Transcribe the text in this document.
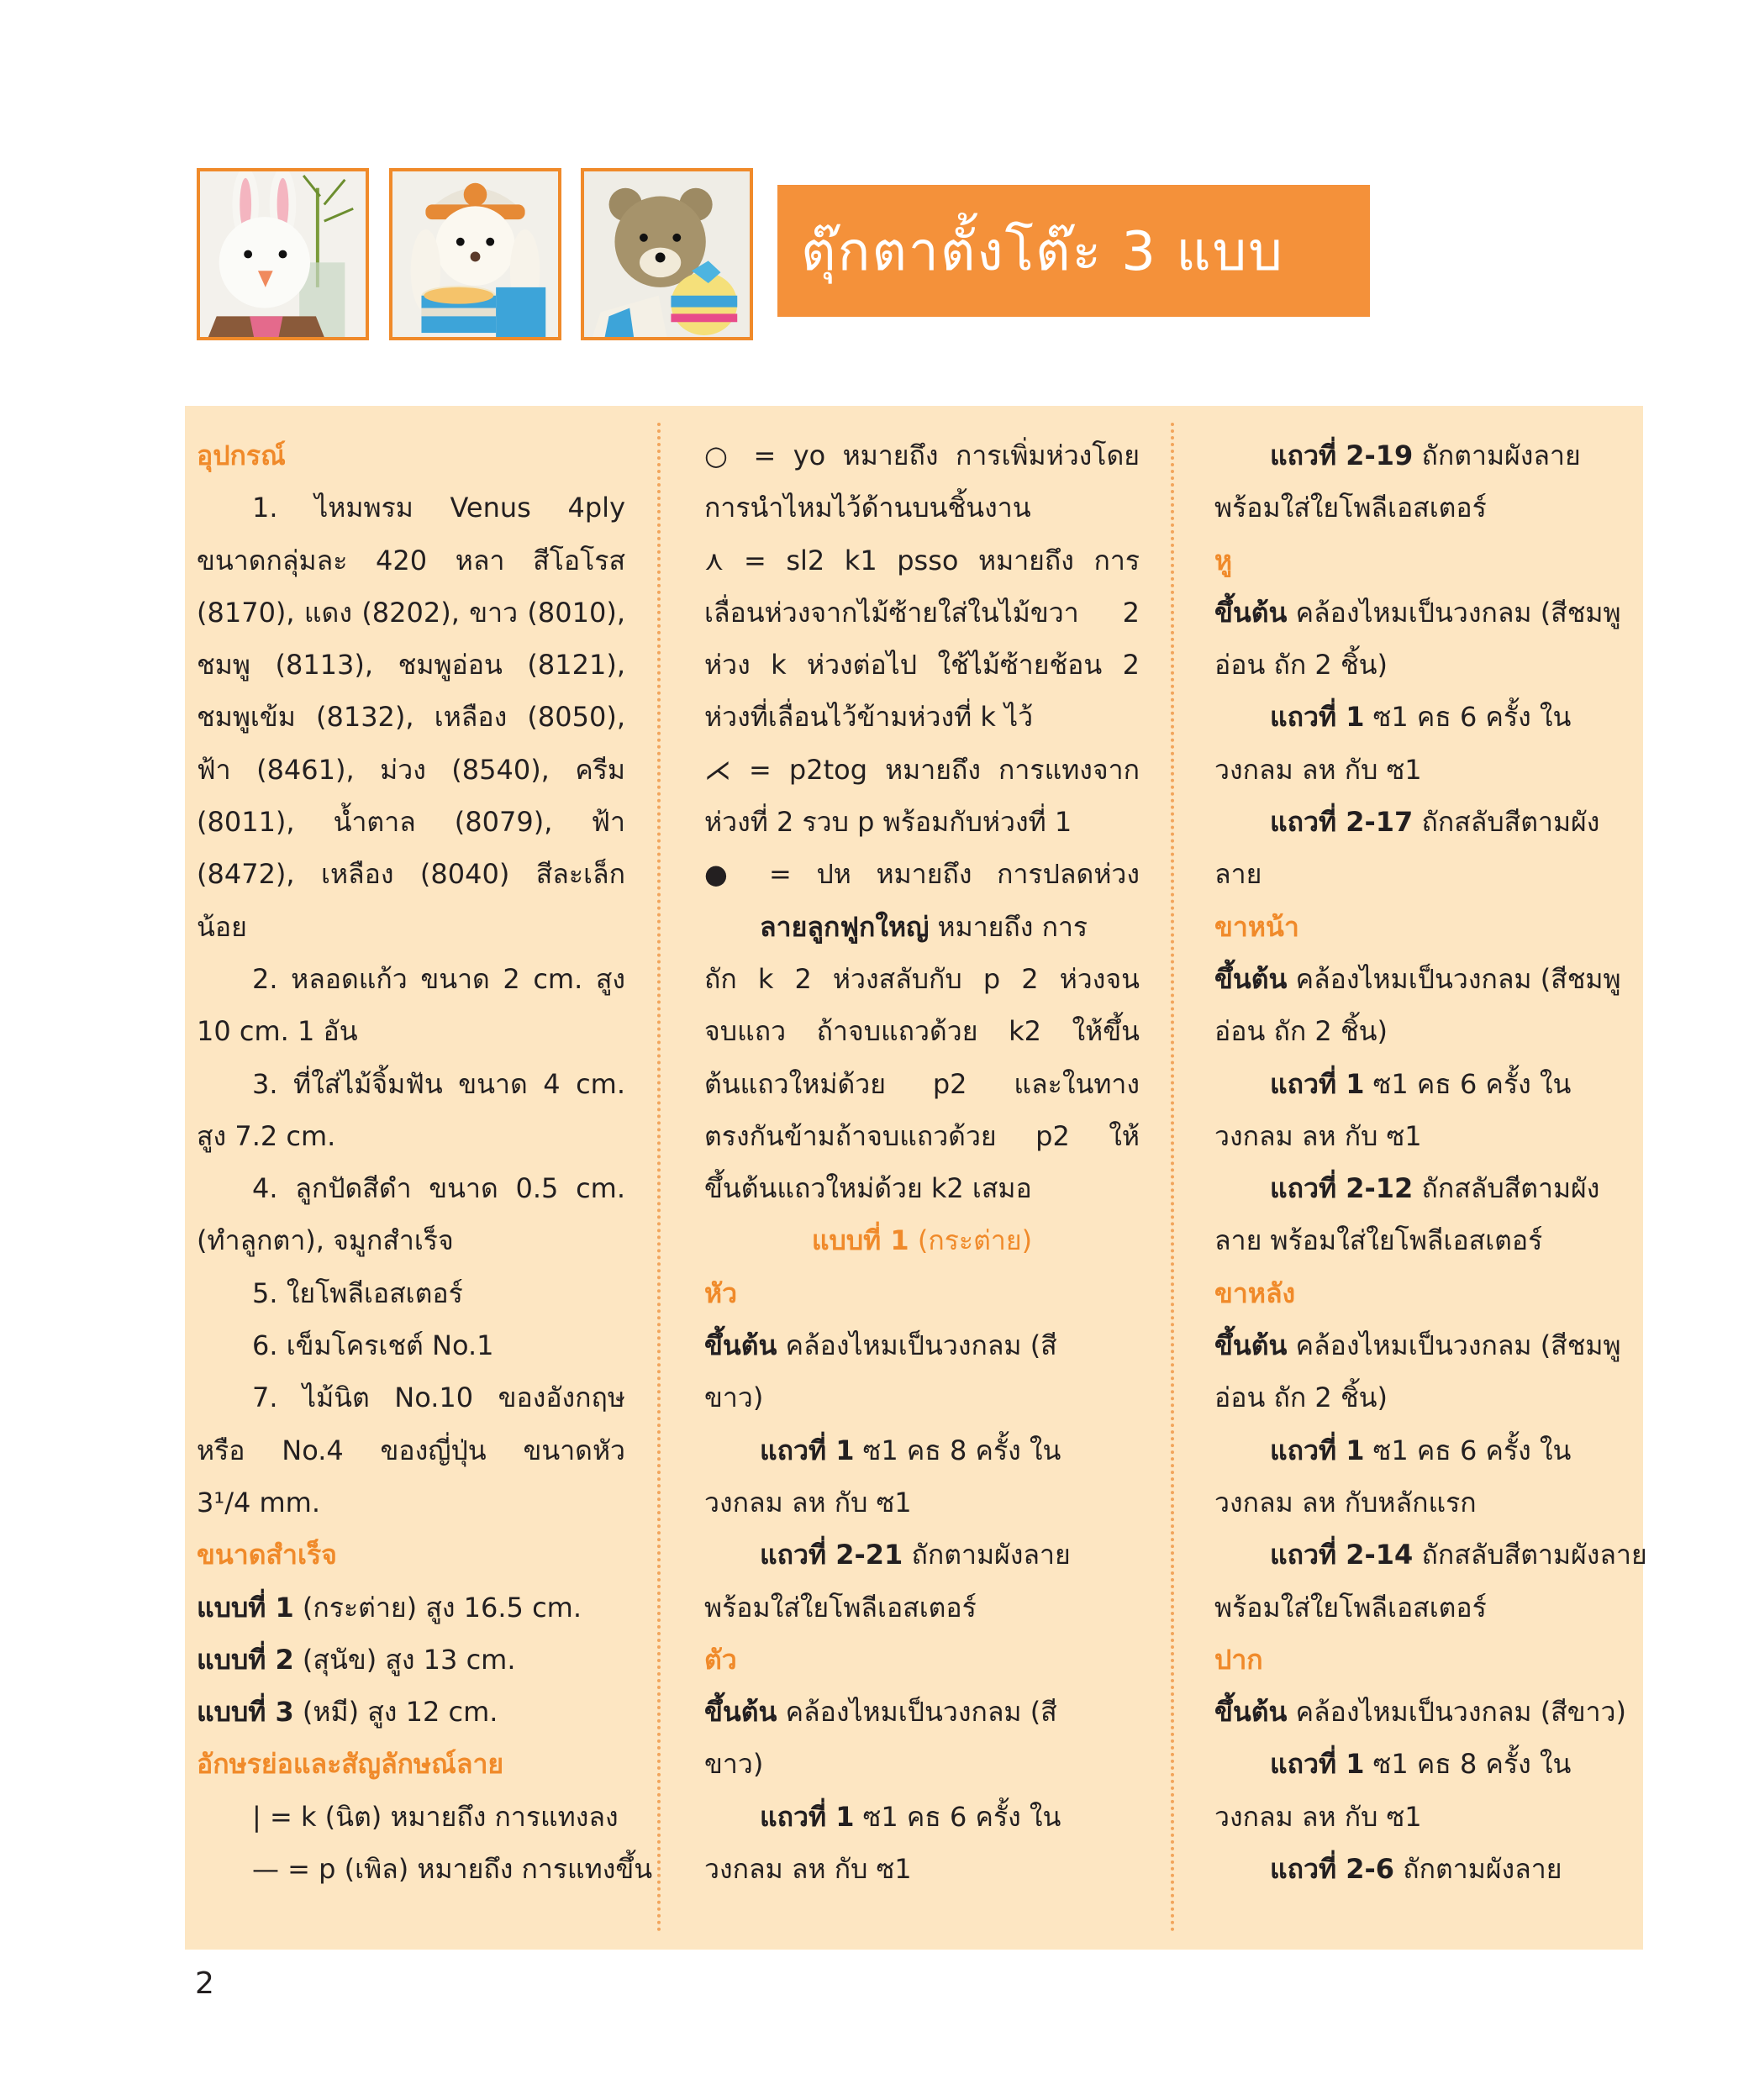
ตุ๊กตาตั้งโต๊ะ 3 แบบ
อุปกรณ์
1. ไหมพรม Venus 4ply
ขนาดกลุ่มละ 420 หลา สีโอโรส
(8170), แดง (8202), ขาว (8010),
ชมพู (8113), ชมพูอ่อน (8121),
ชมพูเข้ม (8132), เหลือง (8050),
ฟ้า (8461), ม่วง (8540), ครีม
(8011), น้ำตาล (8079), ฟ้า
(8472), เหลือง (8040) สีละเล็ก
น้อย
2. หลอดแก้ว ขนาด 2 cm. สูง
10 cm. 1 อัน
3. ที่ใส่ไม้จิ้มฟัน ขนาด 4 cm.
สูง 7.2 cm.
4. ลูกปัดสีดำ ขนาด 0.5 cm.
(ทำลูกตา), จมูกสำเร็จ
5. ใยโพลีเอสเตอร์
6. เข็มโครเชต์ No.1
7. ไม้นิต No.10 ของอังกฤษ
หรือ No.4 ของญี่ปุ่น ขนาดหัว
3¹/4 mm.
ขนาดสำเร็จ
แบบที่ 1 (กระต่าย) สูง 16.5 cm.
แบบที่ 2 (สุนัข) สูง 13 cm.
แบบที่ 3 (หมี) สูง 12 cm.
อักษรย่อและสัญลักษณ์ลาย
| = k (นิต) หมายถึง การแทงลง
— = p (เพิล) หมายถึง การแทงขึ้น
○ = yo หมายถึง การเพิ่มห่วงโดย
การนำไหมไว้ด้านบนชิ้นงาน
⋏ = sl2 k1 psso หมายถึง การ
เลื่อนห่วงจากไม้ซ้ายใส่ในไม้ขวา 2
ห่วง k ห่วงต่อไป ใช้ไม้ซ้ายช้อน 2
ห่วงที่เลื่อนไว้ข้ามห่วงที่ k ไว้
⋌ = p2tog หมายถึง การแทงจาก
ห่วงที่ 2 รวบ p พร้อมกับห่วงที่ 1
● = ปห หมายถึง การปลดห่วง
ลายลูกฟูกใหญ่ หมายถึง การ
ถัก k 2 ห่วงสลับกับ p 2 ห่วงจน
จบแถว ถ้าจบแถวด้วย k2 ให้ขึ้น
ต้นแถวใหม่ด้วย p2 และในทาง
ตรงกันข้ามถ้าจบแถวด้วย p2 ให้
ขึ้นต้นแถวใหม่ด้วย k2 เสมอ
แบบที่ 1 (กระต่าย)
หัว
ขึ้นต้น คล้องไหมเป็นวงกลม (สี
ขาว)
แถวที่ 1 ซ1 คธ 8 ครั้ง ใน
วงกลม ลห กับ ซ1
แถวที่ 2-21 ถักตามผังลาย
พร้อมใส่ใยโพลีเอสเตอร์
ตัว
ขึ้นต้น คล้องไหมเป็นวงกลม (สี
ขาว)
แถวที่ 1 ซ1 คธ 6 ครั้ง ใน
วงกลม ลห กับ ซ1
แถวที่ 2-19 ถักตามผังลาย
พร้อมใส่ใยโพลีเอสเตอร์
หู
ขึ้นต้น คล้องไหมเป็นวงกลม (สีชมพู
อ่อน ถัก 2 ชิ้น)
แถวที่ 1 ซ1 คธ 6 ครั้ง ใน
วงกลม ลห กับ ซ1
แถวที่ 2-17 ถักสลับสีตามผัง
ลาย
ขาหน้า
ขึ้นต้น คล้องไหมเป็นวงกลม (สีชมพู
อ่อน ถัก 2 ชิ้น)
แถวที่ 1 ซ1 คธ 6 ครั้ง ใน
วงกลม ลห กับ ซ1
แถวที่ 2-12 ถักสลับสีตามผัง
ลาย พร้อมใส่ใยโพลีเอสเตอร์
ขาหลัง
ขึ้นต้น คล้องไหมเป็นวงกลม (สีชมพู
อ่อน ถัก 2 ชิ้น)
แถวที่ 1 ซ1 คธ 6 ครั้ง ใน
วงกลม ลห กับหลักแรก
แถวที่ 2-14 ถักสลับสีตามผังลาย
พร้อมใส่ใยโพลีเอสเตอร์
ปาก
ขึ้นต้น คล้องไหมเป็นวงกลม (สีขาว)
แถวที่ 1 ซ1 คธ 8 ครั้ง ใน
วงกลม ลห กับ ซ1
แถวที่ 2-6 ถักตามผังลาย
2
